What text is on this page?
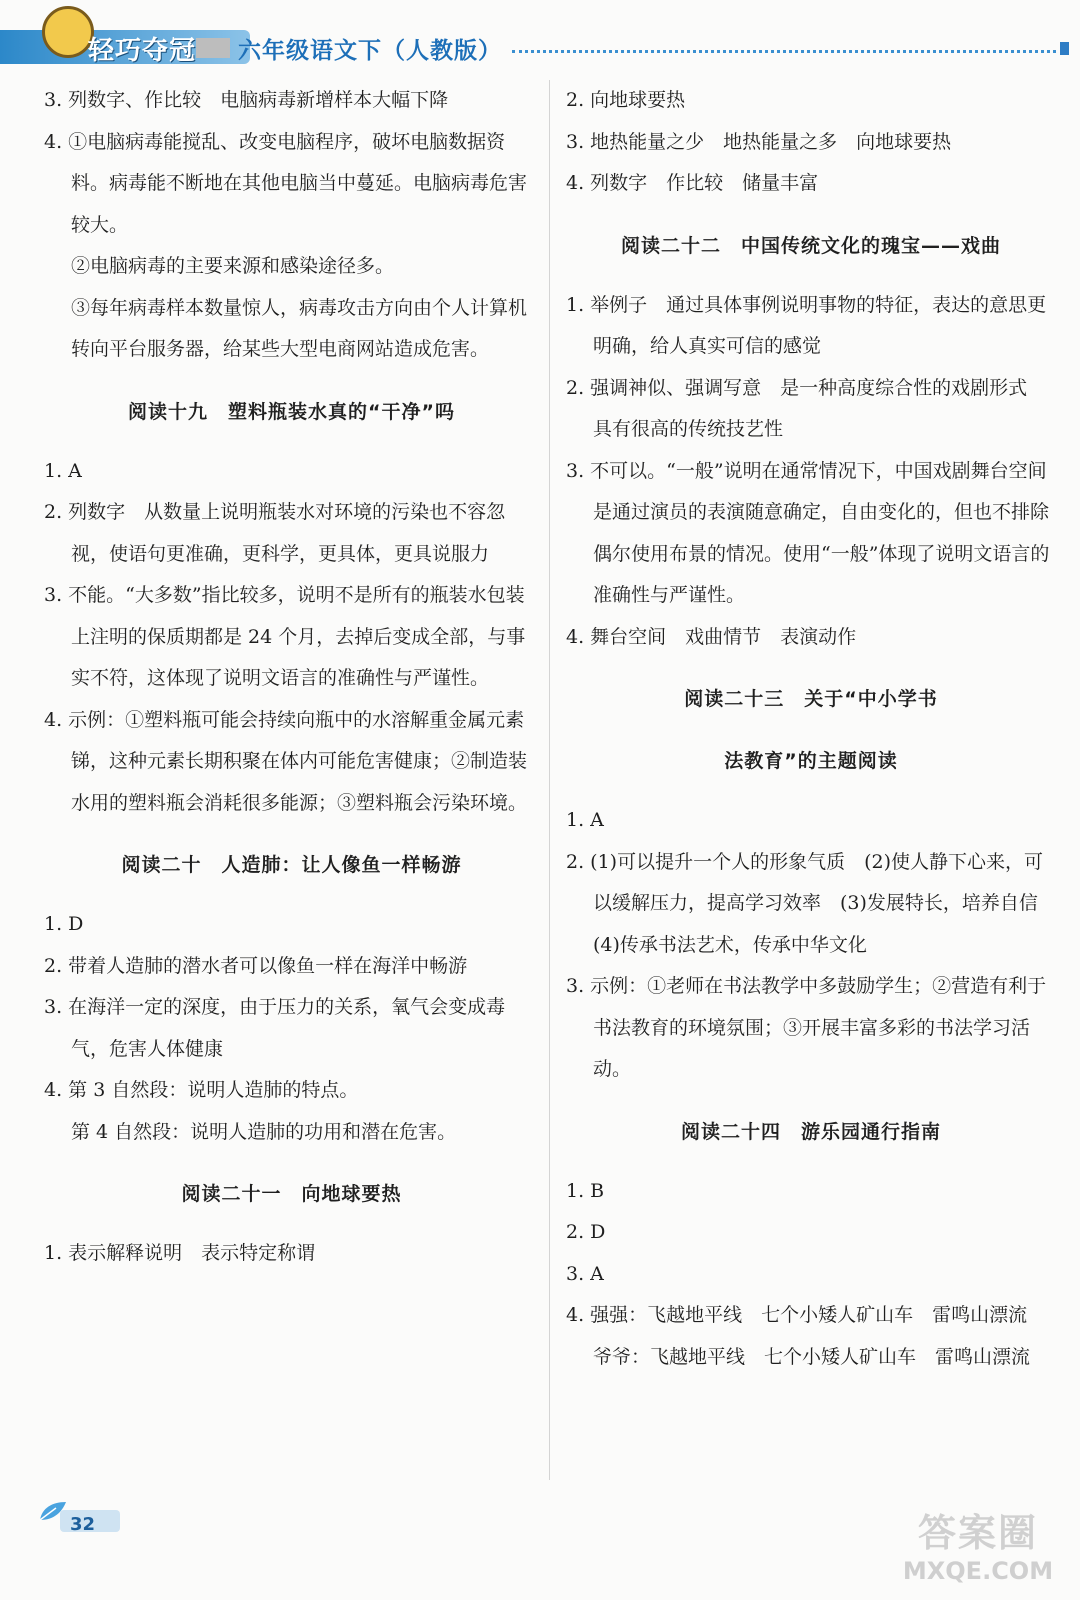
轻巧夺冠 六年级语文下（人教版）
3. 列数字、作比较　电脑病毒新增样本大幅下降
4. ①电脑病毒能搅乱、改变电脑程序，破坏电脑数据资料。病毒能不断地在其他电脑当中蔓延。电脑病毒危害较大。
②电脑病毒的主要来源和感染途径多。
③每年病毒样本数量惊人，病毒攻击方向由个人计算机转向平台服务器，给某些大型电商网站造成危害。
阅读十九　塑料瓶装水真的“干净”吗
1. A
2. 列数字　从数量上说明瓶装水对环境的污染也不容忽视，使语句更准确，更科学，更具体，更具说服力
3. 不能。“大多数”指比较多，说明不是所有的瓶装水包装上注明的保质期都是 24 个月，去掉后变成全部，与事实不符，这体现了说明文语言的准确性与严谨性。
4. 示例：①塑料瓶可能会持续向瓶中的水溶解重金属元素锑，这种元素长期积聚在体内可能危害健康；②制造装水用的塑料瓶会消耗很多能源；③塑料瓶会污染环境。
阅读二十　人造肺：让人像鱼一样畅游
1. D
2. 带着人造肺的潜水者可以像鱼一样在海洋中畅游
3. 在海洋一定的深度，由于压力的关系，氧气会变成毒气，危害人体健康
4. 第 3 自然段：说明人造肺的特点。
第 4 自然段：说明人造肺的功用和潜在危害。
阅读二十一　向地球要热
1. 表示解释说明　表示特定称谓
2. 向地球要热
3. 地热能量之少　地热能量之多　向地球要热
4. 列数字　作比较　储量丰富
阅读二十二　中国传统文化的瑰宝——戏曲
1. 举例子　通过具体事例说明事物的特征，表达的意思更明确，给人真实可信的感觉
2. 强调神似、强调写意　是一种高度综合性的戏剧形式　具有很高的传统技艺性
3. 不可以。“一般”说明在通常情况下，中国戏剧舞台空间是通过演员的表演随意确定，自由变化的，但也不排除偶尔使用布景的情况。使用“一般”体现了说明文语言的准确性与严谨性。
4. 舞台空间　戏曲情节　表演动作
阅读二十三　关于“中小学书
法教育”的主题阅读
1. A
2. (1)可以提升一个人的形象气质　(2)使人静下心来，可以缓解压力，提高学习效率　(3)发展特长，培养自信　(4)传承书法艺术，传承中华文化
3. 示例：①老师在书法教学中多鼓励学生；②营造有利于书法教育的环境氛围；③开展丰富多彩的书法学习活动。
阅读二十四　游乐园通行指南
1. B
2. D
3. A
4. 强强：飞越地平线　七个小矮人矿山车　雷鸣山漂流
爷爷：飞越地平线　七个小矮人矿山车　雷鸣山漂流
32	答案圈
MXQE.COM
